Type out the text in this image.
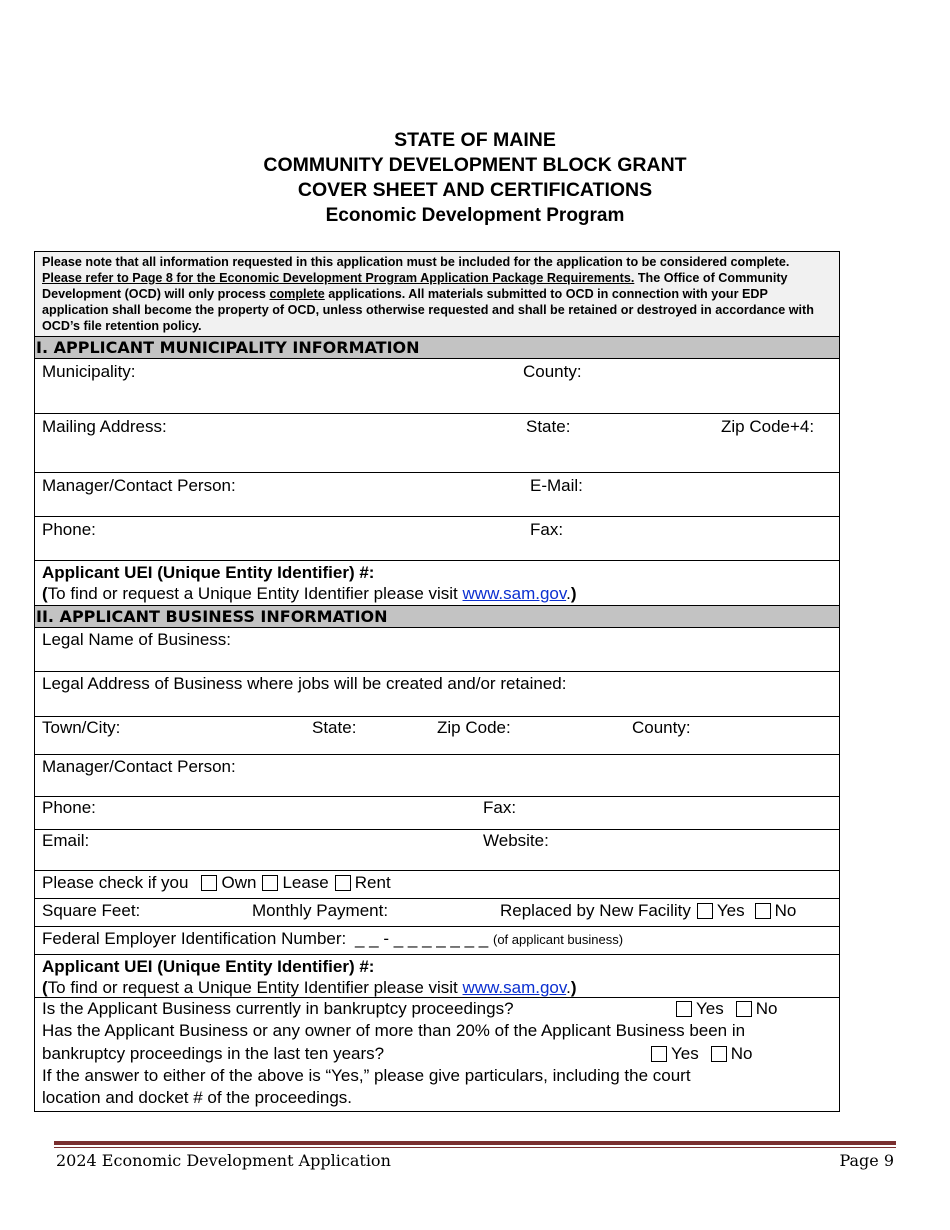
STATE OF MAINE
COMMUNITY DEVELOPMENT BLOCK GRANT
COVER SHEET AND CERTIFICATIONS
Economic Development Program
Please note that all information requested in this application must be included for the application to be considered complete. Please refer to Page 8 for the Economic Development Program Application Package Requirements. The Office of Community Development (OCD) will only process complete applications. All materials submitted to OCD in connection with your EDP application shall become the property of OCD, unless otherwise requested and shall be retained or destroyed in accordance with OCD’s file retention policy.
I. APPLICANT MUNICIPALITY INFORMATION
Municipality:	County:
Mailing Address:	State:	Zip Code+4:
Manager/Contact Person:	E-Mail:
Phone:	Fax:
Applicant UEI (Unique Entity Identifier) #:
(To find or request a Unique Entity Identifier please visit www.sam.gov.)
II. APPLICANT BUSINESS INFORMATION
Legal Name of Business:
Legal Address of Business where jobs will be created and/or retained:
Town/City:	State:	Zip Code:	County:
Manager/Contact Person:
Phone:	Fax:
Email:	Website:
Please check if you Own Lease Rent
Square Feet:	Monthly Payment:	Replaced by New Facility Yes No
Federal Employer Identification Number: _ _ - _ _ _ _ _ _ _ (of applicant business)
Applicant UEI (Unique Entity Identifier) #:
(To find or request a Unique Entity Identifier please visit www.sam.gov.)
Is the Applicant Business currently in bankruptcy proceedings?	Yes No
Has the Applicant Business or any owner of more than 20% of the Applicant Business been in
bankruptcy proceedings in the last ten years?	Yes No
If the answer to either of the above is “Yes,” please give particulars, including the court
location and docket # of the proceedings.
2024 Economic Development Application	Page 9
